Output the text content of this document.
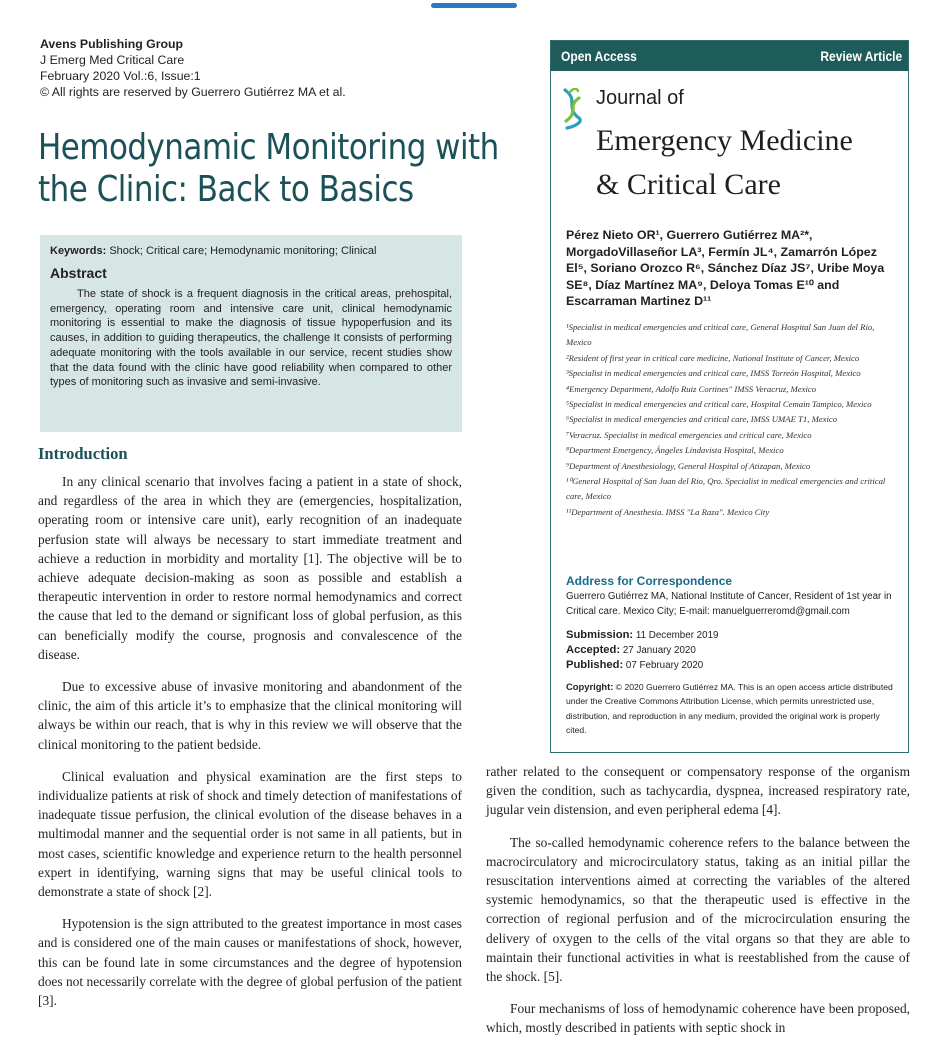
Avens Publishing Group
J Emerg Med Critical Care
February 2020 Vol.:6, Issue:1
© All rights are reserved by Guerrero Gutiérrez MA et al.
Hemodynamic Monitoring with
the Clinic: Back to Basics
Keywords: Shock; Critical care; Hemodynamic monitoring; Clinical
Abstract
The state of shock is a frequent diagnosis in the critical areas, prehospital, emergency, operating room and intensive care unit, clinical hemodynamic monitoring is essential to make the diagnosis of tissue hypoperfusion and its causes, in addition to guiding therapeutics, the challenge It consists of performing adequate monitoring with the tools available in our service, recent studies show that the data found with the clinic have good reliability when compared to other types of monitoring such as invasive and semi-invasive.
Open Access	Review Article
Journal of
Emergency Medicine
& Critical Care
Pérez Nieto OR¹, Guerrero Gutiérrez MA²*, MorgadoVillaseñor LA³, Fermín JL⁴, Zamarrón López El⁵, Soriano Orozco R⁶, Sánchez Díaz JS⁷, Uribe Moya SE⁸, Díaz Martínez MA⁹, Deloya Tomas E¹⁰ and Escarraman Martinez D¹¹
¹Specialist in medical emergencies and critical care, General Hospital San Juan del Rio, Mexico
²Resident of first year in critical care medicine, National Institute of Cancer, Mexico
³Specialist in medical emergencies and critical care, IMSS Torreón Hospital, Mexico
⁴Emergency Department, Adolfo Ruiz Cortines" IMSS Veracruz, Mexico
⁵Specialist in medical emergencies and critical care, Hospital Cemain Tampico, Mexico
⁶Specialist in medical emergencies and critical care, IMSS UMAE T1, Mexico
⁷Veracruz. Specialist in medical emergencies and critical care, Mexico
⁸Department Emergency, Ángeles Lindavista Hospital, Mexico
⁹Department of Anesthesiology, General Hospital of Atizapan, Mexico
¹⁰General Hospital of San Juan del Rio, Qro. Specialist in medical emergencies and critical care, Mexico
¹¹Department of Anesthesia. IMSS "La Raza". Mexico City
Address for Correspondence
Guerrero Gutiérrez MA, National Institute of Cancer, Resident of 1st year in Critical care. Mexico City; E-mail: manuelguerreromd@gmail.com
Submission: 11 December 2019
Accepted: 27 January 2020
Published: 07 February 2020
Copyright: © 2020 Guerrero Gutiérrez MA. This is an open access article distributed under the Creative Commons Attribution License, which permits unrestricted use, distribution, and reproduction in any medium, provided the original work is properly cited.
Introduction

In any clinical scenario that involves facing a patient in a state of shock, and regardless of the area in which they are (emergencies, hospitalization, operating room or intensive care unit), early recognition of an inadequate perfusion state will always be necessary to start immediate treatment and achieve a reduction in morbidity and mortality [1]. The objective will be to achieve adequate decision-making as soon as possible and establish a therapeutic intervention in order to restore normal hemodynamics and correct the cause that led to the demand or significant loss of global perfusion, as this can beneficially modify the course, prognosis and convalescence of the disease.

Due to excessive abuse of invasive monitoring and abandonment of the clinic, the aim of this article it’s to emphasize that the clinical monitoring will always be within our reach, that is why in this review we will observe that the clinical monitoring to the patient bedside.

Clinical evaluation and physical examination are the first steps to individualize patients at risk of shock and timely detection of manifestations of inadequate tissue perfusion, the clinical evolution of the disease behaves in a multimodal manner and the sequential order is not same in all patients, but in most cases, scientific knowledge and experience return to the health personnel expert in identifying, warning signs that may be useful clinical tools to demonstrate a state of shock [2].

Hypotension is the sign attributed to the greatest importance in most cases and is considered one of the main causes or manifestations of shock, however, this can be found late in some circumstances and the degree of hypotension does not necessarily correlate with the degree of global perfusion of the patient [3].

rather related to the consequent or compensatory response of the organism given the condition, such as tachycardia, dyspnea, increased respiratory rate, jugular vein distension, and even peripheral edema [4].

The so-called hemodynamic coherence refers to the balance between the macrocirculatory and microcirculatory status, taking as an initial pillar the resuscitation interventions aimed at correcting the variables of the altered systemic hemodynamics, so that the therapeutic used is effective in the correction of regional perfusion and of the microcirculation ensuring the delivery of oxygen to the cells of the vital organs so that they are able to maintain their functional activities in what is reestablished from the cause of the shock. [5].

Four mechanisms of loss of hemodynamic coherence have been proposed, which, mostly described in patients with septic shock in
